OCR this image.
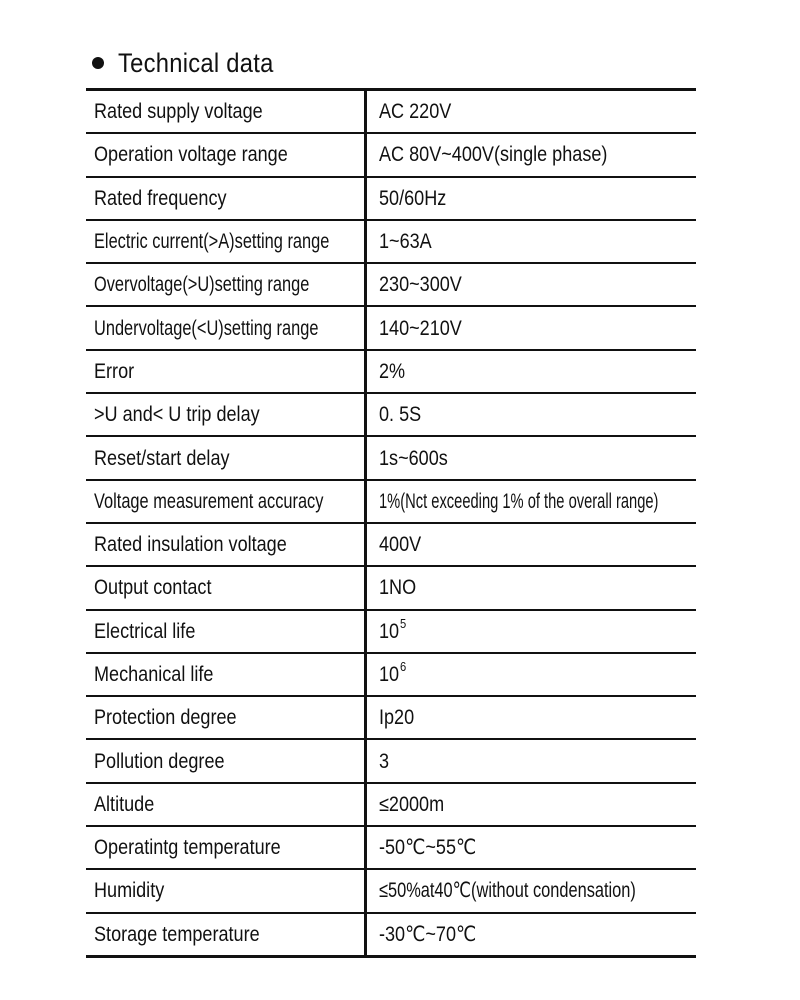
Technical data
Rated supply voltage	AC 220V
Operation voltage range	AC 80V~400V(single phase)
Rated frequency	50/60Hz
Electric current(>A)setting range	1~63A
Overvoltage(>U)setting range	230~300V
Undervoltage(<U)setting range	140~210V
Error	2%
>U and< U trip delay	0. 5S
Reset/start delay	1s~600s
Voltage measurement accuracy	1%(Nct exceeding 1% of the overall range)
Rated insulation voltage	400V
Output contact	1NO
Electrical life	$10^5$
Mechanical life	$10^6$
Protection degree	Ip20
Pollution degree	3
Altitude	≤2000m
Operatintg temperature	-50℃~55℃
Humidity	≤50%at40℃(without condensation)
Storage temperature	-30℃~70℃
